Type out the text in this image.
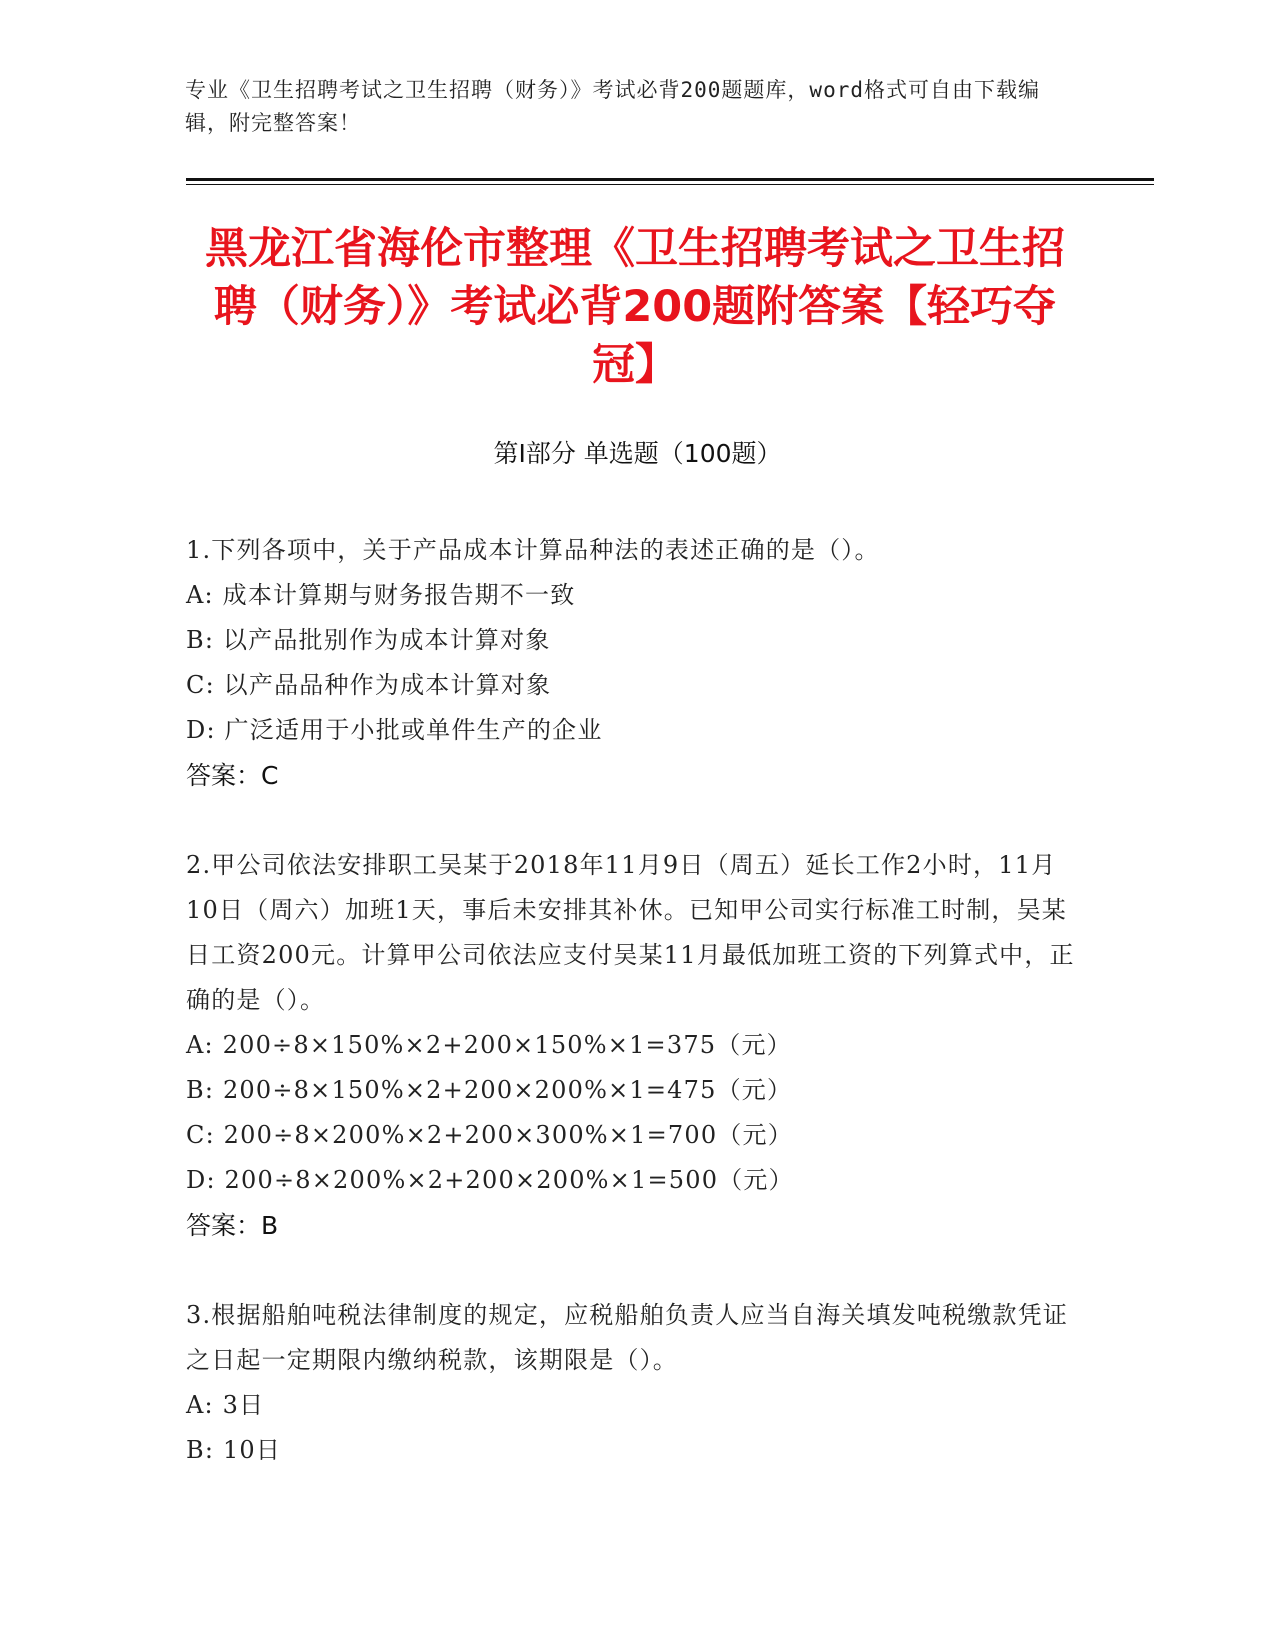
专业《卫生招聘考试之卫生招聘（财务）》考试必背200题题库，word格式可自由下载编辑，附完整答案！
黑龙江省海伦市整理《卫生招聘考试之卫生招聘（财务）》考试必背200题附答案【轻巧夺冠】
第Ⅰ部分 单选题（100题）
1.下列各项中，关于产品成本计算品种法的表述正确的是（）。
A: 成本计算期与财务报告期不一致
B: 以产品批别作为成本计算对象
C: 以产品品种作为成本计算对象
D: 广泛适用于小批或单件生产的企业
答案：C
2.甲公司依法安排职工吴某于2018年11月9日（周五）延长工作2小时，11月10日（周六）加班1天，事后未安排其补休。已知甲公司实行标准工时制，吴某日工资200元。计算甲公司依法应支付吴某11月最低加班工资的下列算式中，正确的是（）。
A: 200÷8×150%×2+200×150%×1=375（元）
B: 200÷8×150%×2+200×200%×1=475（元）
C: 200÷8×200%×2+200×300%×1=700（元）
D: 200÷8×200%×2+200×200%×1=500（元）
答案：B
3.根据船舶吨税法律制度的规定，应税船舶负责人应当自海关填发吨税缴款凭证之日起一定期限内缴纳税款，该期限是（）。
A: 3日
B: 10日
